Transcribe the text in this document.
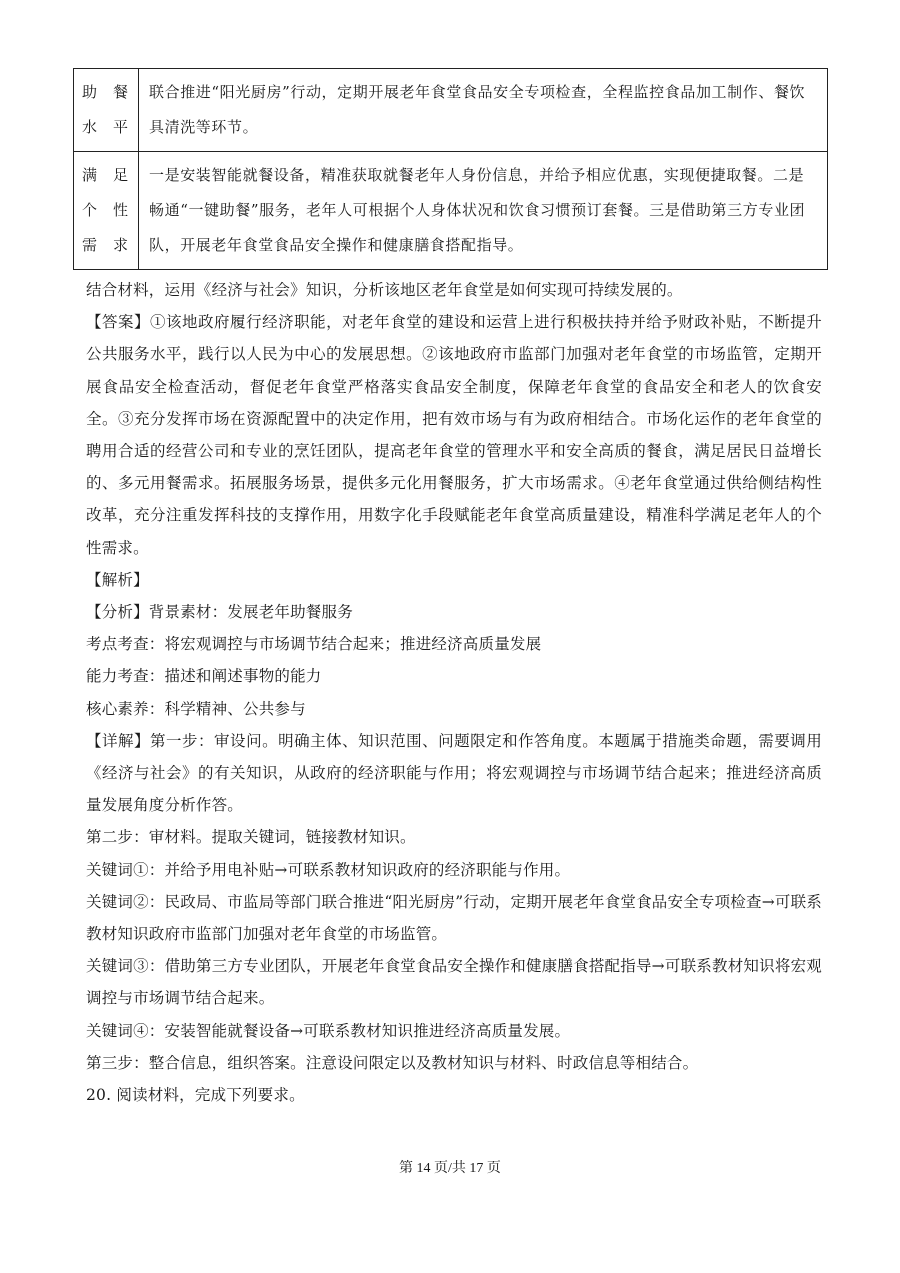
助餐水平	联合推进“阳光厨房”行动，定期开展老年食堂食品安全专项检查，全程监控食品加工制作、餐饮具清洗等环节。
满足个性需求	一是安装智能就餐设备，精准获取就餐老年人身份信息，并给予相应优惠，实现便捷取餐。二是畅通“一键助餐”服务，老年人可根据个人身体状况和饮食习惯预订套餐。三是借助第三方专业团队，开展老年食堂食品安全操作和健康膳食搭配指导。

结合材料，运用《经济与社会》知识，分析该地区老年食堂是如何实现可持续发展的。

【答案】①该地政府履行经济职能，对老年食堂的建设和运营上进行积极扶持并给予财政补贴，不断提升公共服务水平，践行以人民为中心的发展思想。②该地政府市监部门加强对老年食堂的市场监管，定期开展食品安全检查活动，督促老年食堂严格落实食品安全制度，保障老年食堂的食品安全和老人的饮食安全。③充分发挥市场在资源配置中的决定作用，把有效市场与有为政府相结合。市场化运作的老年食堂的聘用合适的经营公司和专业的烹饪团队，提高老年食堂的管理水平和安全高质的餐食，满足居民日益增长的、多元用餐需求。拓展服务场景，提供多元化用餐服务，扩大市场需求。④老年食堂通过供给侧结构性改革，充分注重发挥科技的支撑作用，用数字化手段赋能老年食堂高质量建设，精准科学满足老年人的个性需求。

【解析】

【分析】背景素材：发展老年助餐服务

考点考查：将宏观调控与市场调节结合起来；推进经济高质量发展

能力考查：描述和阐述事物的能力

核心素养：科学精神、公共参与

【详解】第一步：审设问。明确主体、知识范围、问题限定和作答角度。本题属于措施类命题，需要调用《经济与社会》的有关知识，从政府的经济职能与作用；将宏观调控与市场调节结合起来；推进经济高质量发展角度分析作答。

第二步：审材料。提取关键词，链接教材知识。

关键词①：并给予用电补贴→可联系教材知识政府的经济职能与作用。

关键词②：民政局、市监局等部门联合推进“阳光厨房”行动，定期开展老年食堂食品安全专项检查→可联系教材知识政府市监部门加强对老年食堂的市场监管。

关键词③：借助第三方专业团队，开展老年食堂食品安全操作和健康膳食搭配指导→可联系教材知识将宏观调控与市场调节结合起来。

关键词④：安装智能就餐设备→可联系教材知识推进经济高质量发展。

第三步：整合信息，组织答案。注意设问限定以及教材知识与材料、时政信息等相结合。

20. 阅读材料，完成下列要求。

第 14 页/共 17 页
